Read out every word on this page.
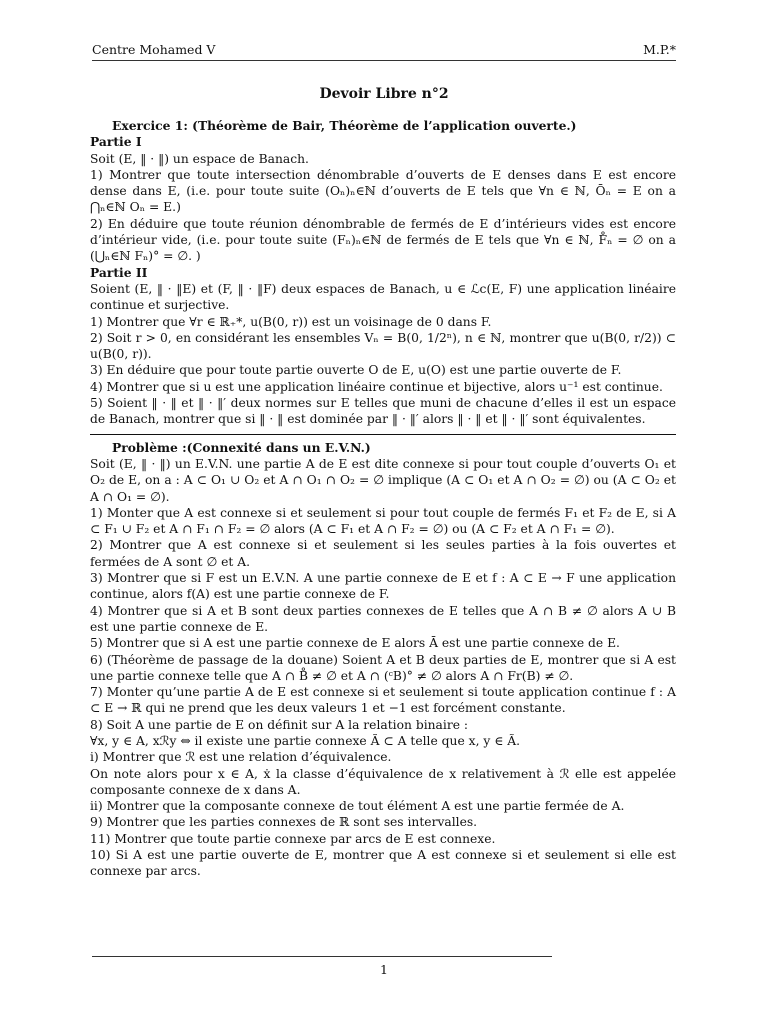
Centre Mohamed V	M.P.*
Devoir Libre n°2

Exercice 1: (Théorème de Bair, Théorème de l’application ouverte.)

Partie I

Soit (E, ‖ · ‖) un espace de Banach.

1) Montrer que toute intersection dénombrable d’ouverts de E denses dans E est encore dense dans E, (i.e. pour toute suite (Oₙ)ₙ∈ℕ d’ouverts de E tels que ∀n ∈ ℕ, Ōₙ = E on a ⋂ₙ∈ℕ Oₙ = E.)

2) En déduire que toute réunion dénombrable de fermés de E d’intérieurs vides est encore d’intérieur vide, (i.e. pour toute suite (Fₙ)ₙ∈ℕ de fermés de E tels que ∀n ∈ ℕ, F̊ₙ = ∅ on a (⋃ₙ∈ℕ Fₙ)° = ∅. )

Partie II

Soient (E, ‖ · ‖E) et (F, ‖ · ‖F) deux espaces de Banach, u ∈ ℒc(E, F) une application linéaire continue et surjective.

1) Montrer que ∀r ∈ ℝ₊*, u(B(0, r)) est un voisinage de 0 dans F.

2) Soit r > 0, en considérant les ensembles Vₙ = B(0, 1/2ⁿ), n ∈ ℕ, montrer que u(B(0, r/2)) ⊂ u(B(0, r)).

3) En déduire que pour toute partie ouverte O de E, u(O) est une partie ouverte de F.

4) Montrer que si u est une application linéaire continue et bijective, alors u⁻¹ est continue.

5) Soient ‖ · ‖ et ‖ · ‖′ deux normes sur E telles que muni de chacune d’elles il est un espace de Banach, montrer que si ‖ · ‖ est dominée par ‖ · ‖′ alors ‖ · ‖ et ‖ · ‖′ sont équivalentes.

Problème :(Connexité dans un E.V.N.)

Soit (E, ‖ · ‖) un E.V.N. une partie A de E est dite connexe si pour tout couple d’ouverts O₁ et O₂ de E, on a : A ⊂ O₁ ∪ O₂ et A ∩ O₁ ∩ O₂ = ∅ implique (A ⊂ O₁ et A ∩ O₂ = ∅) ou (A ⊂ O₂ et A ∩ O₁ = ∅).

1) Monter que A est connexe si et seulement si pour tout couple de fermés F₁ et F₂ de E, si A ⊂ F₁ ∪ F₂ et A ∩ F₁ ∩ F₂ = ∅ alors (A ⊂ F₁ et A ∩ F₂ = ∅) ou (A ⊂ F₂ et A ∩ F₁ = ∅).

2) Montrer que A est connexe si et seulement si les seules parties à la fois ouvertes et fermées de A sont ∅ et A.

3) Montrer que si F est un E.V.N. A une partie connexe de E et f : A ⊂ E → F une application continue, alors f(A) est une partie connexe de F.

4) Montrer que si A et B sont deux parties connexes de E telles que A ∩ B ≠ ∅ alors A ∪ B est une partie connexe de E.

5) Montrer que si A est une partie connexe de E alors Ā est une partie connexe de E.

6) (Théorème de passage de la douane) Soient A et B deux parties de E, montrer que si A est une partie connexe telle que A ∩ B̊ ≠ ∅ et A ∩ (ᶜB)° ≠ ∅ alors A ∩ Fr(B) ≠ ∅.

7) Monter qu’une partie A de E est connexe si et seulement si toute application continue f : A ⊂ E → ℝ qui ne prend que les deux valeurs 1 et −1 est forcément constante.

8) Soit A une partie de E on définit sur A la relation binaire :

∀x, y ∈ A, xℛy ⇔ il existe une partie connexe Ã ⊂ A telle que x, y ∈ Ã.

i) Montrer que ℛ est une relation d’équivalence.

On note alors pour x ∈ A, ẋ la classe d’équivalence de x relativement à ℛ elle est appelée composante connexe de x dans A.

ii) Montrer que la composante connexe de tout élément A est une partie fermée de A.

9) Montrer que les parties connexes de ℝ sont ses intervalles.

11) Montrer que toute partie connexe par arcs de E est connexe.

10) Si A est une partie ouverte de E, montrer que A est connexe si et seulement si elle est connexe par arcs.

1
